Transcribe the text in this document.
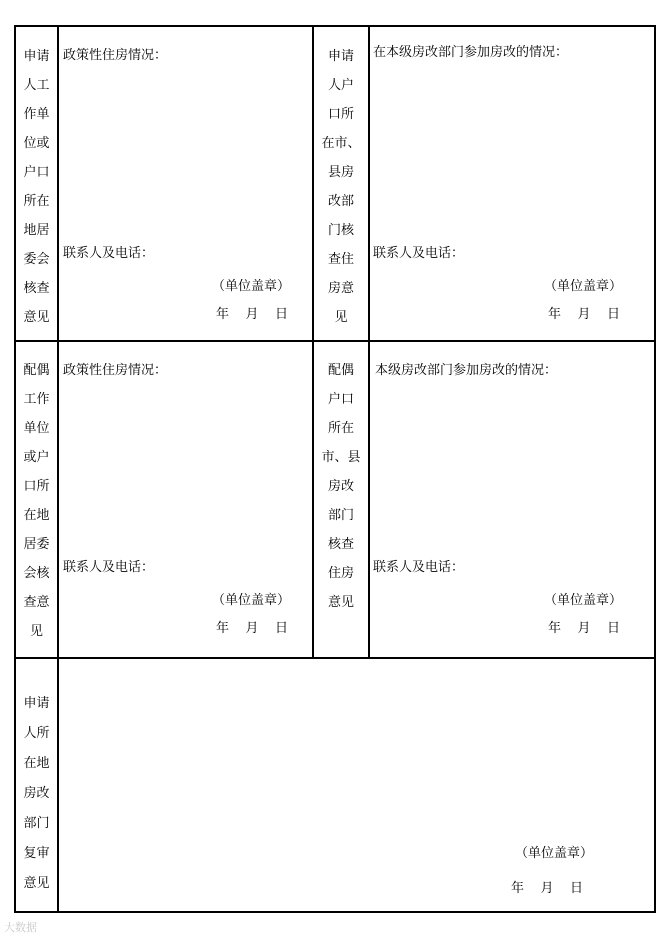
申请
人工
作单
位或
户口
所在
地居
委会
核查
意见
政策性住房情况：
联系人及电话：
（单位盖章）
年    月    日
申请
人户
口所
在市、
县房
改部
门核
查住
房意
见
在本级房改部门参加房改的情况：
联系人及电话：
（单位盖章）
年    月    日
配偶
工作
单位
或户
口所
在地
居委
会核
查意
见
政策性住房情况：
联系人及电话：
（单位盖章）
年    月    日
配偶
户口
所在
市、县
房改
部门
核查
住房
意见
本级房改部门参加房改的情况：
联系人及电话：
（单位盖章）
年    月    日
申请
人所
在地
房改
部门
复审
意见
（单位盖章）
年    月    日
大数据
